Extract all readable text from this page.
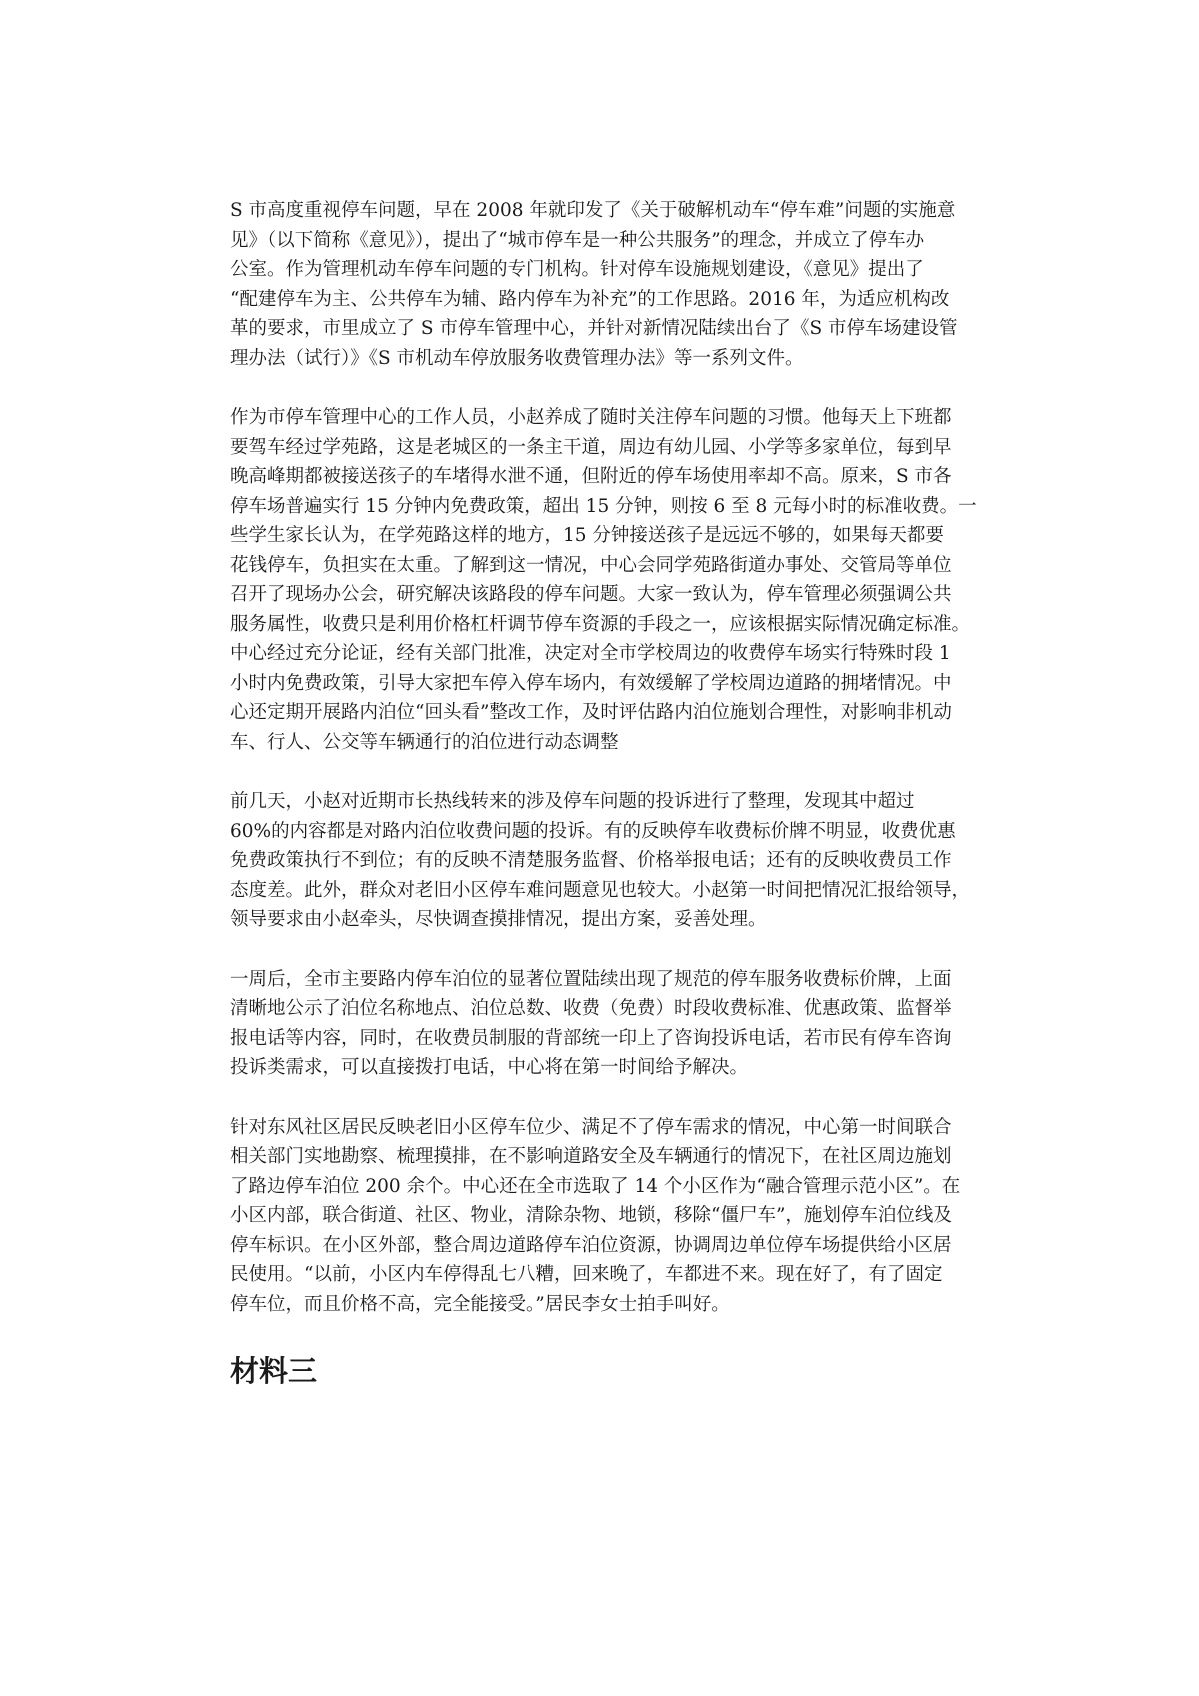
S 市高度重视停车问题，早在 2008 年就印发了《关于破解机动车“停车难”问题的实施意
见》（以下简称《意见》），提出了“城市停车是一种公共服务”的理念，并成立了停车办
公室。作为管理机动车停车问题的专门机构。针对停车设施规划建设，《意见》提出了
“配建停车为主、公共停车为辅、路内停车为补充”的工作思路。2016 年，为适应机构改
革的要求，市里成立了 S 市停车管理中心，并针对新情况陆续出台了《S 市停车场建设管
理办法（试行）》《S 市机动车停放服务收费管理办法》等一系列文件。
作为市停车管理中心的工作人员，小赵养成了随时关注停车问题的习惯。他每天上下班都
要驾车经过学苑路，这是老城区的一条主干道，周边有幼儿园、小学等多家单位，每到早
晚高峰期都被接送孩子的车堵得水泄不通，但附近的停车场使用率却不高。原来，S 市各
停车场普遍实行 15 分钟内免费政策，超出 15 分钟，则按 6 至 8 元每小时的标准收费。一
些学生家长认为，在学苑路这样的地方，15 分钟接送孩子是远远不够的，如果每天都要
花钱停车，负担实在太重。了解到这一情况，中心会同学苑路街道办事处、交管局等单位
召开了现场办公会，研究解决该路段的停车问题。大家一致认为，停车管理必须强调公共
服务属性，收费只是利用价格杠杆调节停车资源的手段之一，应该根据实际情况确定标准。
中心经过充分论证，经有关部门批准，决定对全市学校周边的收费停车场实行特殊时段 1
小时内免费政策，引导大家把车停入停车场内，有效缓解了学校周边道路的拥堵情况。中
心还定期开展路内泊位“回头看”整改工作，及时评估路内泊位施划合理性，对影响非机动
车、行人、公交等车辆通行的泊位进行动态调整
前几天，小赵对近期市长热线转来的涉及停车问题的投诉进行了整理，发现其中超过
60%的内容都是对路内泊位收费问题的投诉。有的反映停车收费标价牌不明显，收费优惠
免费政策执行不到位；有的反映不清楚服务监督、价格举报电话；还有的反映收费员工作
态度差。此外，群众对老旧小区停车难问题意见也较大。小赵第一时间把情况汇报给领导，
领导要求由小赵牵头，尽快调查摸排情况，提出方案，妥善处理。
一周后，全市主要路内停车泊位的显著位置陆续出现了规范的停车服务收费标价牌，上面
清晰地公示了泊位名称地点、泊位总数、收费（免费）时段收费标准、优惠政策、监督举
报电话等内容，同时，在收费员制服的背部统一印上了咨询投诉电话，若市民有停车咨询
投诉类需求，可以直接拨打电话，中心将在第一时间给予解决。
针对东风社区居民反映老旧小区停车位少、满足不了停车需求的情况，中心第一时间联合
相关部门实地勘察、梳理摸排，在不影响道路安全及车辆通行的情况下，在社区周边施划
了路边停车泊位 200 余个。中心还在全市选取了 14 个小区作为“融合管理示范小区”。在
小区内部，联合街道、社区、物业，清除杂物、地锁，移除“僵尸车”，施划停车泊位线及
停车标识。在小区外部，整合周边道路停车泊位资源，协调周边单位停车场提供给小区居
民使用。“以前，小区内车停得乱七八糟，回来晚了，车都进不来。现在好了，有了固定
停车位，而且价格不高，完全能接受。”居民李女士拍手叫好。
材料三
